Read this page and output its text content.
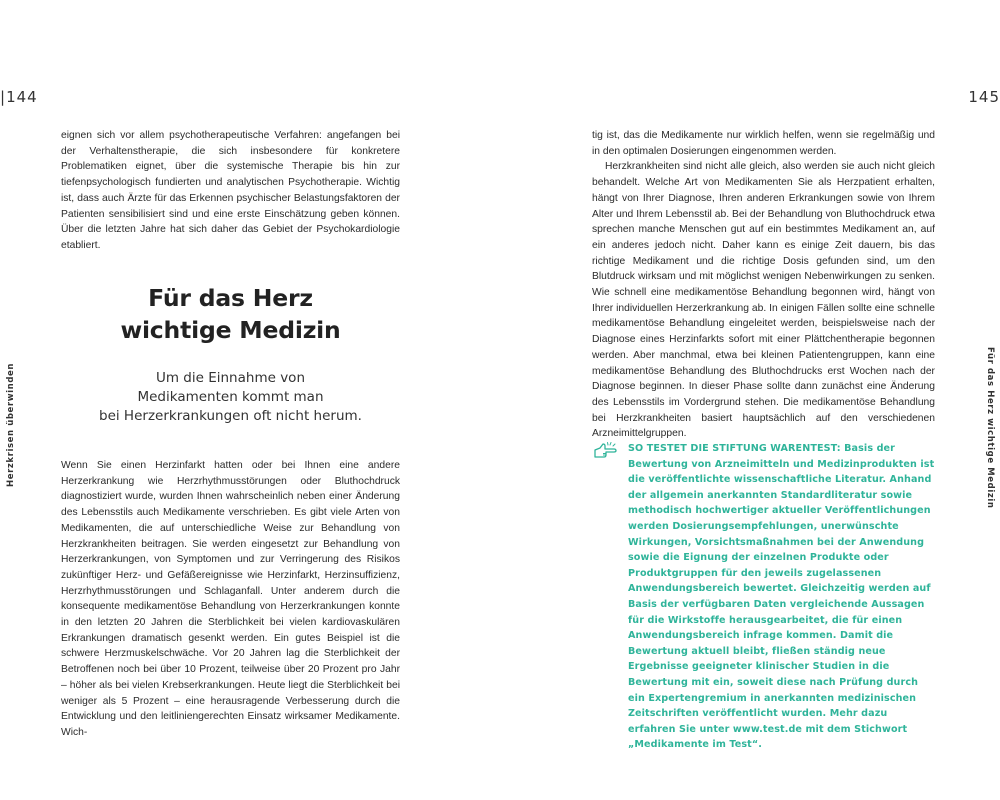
|144	145
Herzkrisen überwinden	Für das Herz wichtige Medizin

eignen sich vor allem psychotherapeutische Verfahren: angefangen bei der Verhaltenstherapie, die sich insbesondere für konkretere Problematiken eignet, über die systemische Therapie bis hin zur tiefenpsychologisch fundierten und analytischen Psychotherapie. Wichtig ist, dass auch Ärzte für das Erkennen psychischer Belastungsfaktoren der Patienten sensibilisiert sind und eine erste Einschätzung geben können. Über die letzten Jahre hat sich daher das Gebiet der Psychokardiologie etabliert.

Für das Herz
wichtige Medizin
Um die Einnahme von
Medikamenten kommt man
bei Herzerkrankungen oft nicht herum.

Wenn Sie einen Herzinfarkt hatten oder bei Ihnen eine andere Herzerkrankung wie Herzrhythmusstörungen oder Bluthochdruck diagnostiziert wurde, wurden Ihnen wahrscheinlich neben einer Änderung des Lebensstils auch Medikamente verschrieben. Es gibt viele Arten von Medikamenten, die auf unterschiedliche Weise zur Behandlung von Herzkrankheiten beitragen. Sie werden eingesetzt zur Behandlung von Herzerkrankungen, von Symptomen und zur Verringerung des Risikos zukünftiger Herz- und Gefäßereignisse wie Herzinfarkt, Herzinsuffizienz, Herzrhythmusstörungen und Schlaganfall. Unter anderem durch die konsequente medikamentöse Behandlung von Herzerkrankungen konnte in den letzten 20 Jahren die Sterblichkeit bei vielen kardiovaskulären Erkrankungen dramatisch gesenkt werden. Ein gutes Beispiel ist die schwere Herzmuskelschwäche. Vor 20 Jahren lag die Sterblichkeit der Betroffenen noch bei über 10 Prozent, teilweise über 20 Prozent pro Jahr – höher als bei vielen Krebserkrankungen. Heute liegt die Sterblichkeit bei weniger als 5 Prozent – eine herausragende Verbesserung durch die Entwicklung und den leitliniengerechten Einsatz wirksamer Medikamente. Wich-

tig ist, das die Medikamente nur wirklich helfen, wenn sie regelmäßig und in den optimalen Dosierungen eingenommen werden.

Herzkrankheiten sind nicht alle gleich, also werden sie auch nicht gleich behandelt. Welche Art von Medikamenten Sie als Herzpatient erhalten, hängt von Ihrer Diagnose, Ihren anderen Erkrankungen sowie von Ihrem Alter und Ihrem Lebensstil ab. Bei der Behandlung von Bluthochdruck etwa sprechen manche Menschen gut auf ein bestimmtes Medikament an, auf ein anderes jedoch nicht. Daher kann es einige Zeit dauern, bis das richtige Medikament und die richtige Dosis gefunden sind, um den Blutdruck wirksam und mit möglichst wenigen Nebenwirkungen zu senken. Wie schnell eine medikamentöse Behandlung begonnen wird, hängt von Ihrer individuellen Herzerkrankung ab. In einigen Fällen sollte eine schnelle medikamentöse Behandlung eingeleitet werden, beispielsweise nach der Diagnose eines Herzinfarkts sofort mit einer Plättchentherapie begonnen werden. Aber manchmal, etwa bei kleinen Patientengruppen, kann eine medikamentöse Behandlung des Bluthochdrucks erst Wochen nach der Diagnose beginnen. In dieser Phase sollte dann zunächst eine Änderung des Lebensstils im Vordergrund stehen. Die medikamentöse Behandlung bei Herzkrankheiten basiert hauptsächlich auf den verschiedenen Arzneimittelgruppen.

SO TESTET DIE STIFTUNG WARENTEST: Basis der Bewertung von Arzneimitteln und Medizinprodukten ist die veröffentlichte wissenschaftliche Literatur. Anhand der allgemein anerkannten Standardliteratur sowie methodisch hochwertiger aktueller Veröffentlichungen werden Dosierungsempfehlungen, unerwünschte Wirkungen, Vorsichtsmaßnahmen bei der Anwendung sowie die Eignung der einzelnen Produkte oder Produktgruppen für den jeweils zugelassenen Anwendungsbereich bewertet. Gleichzeitig werden auf Basis der verfügbaren Daten vergleichende Aussagen für die Wirkstoffe herausgearbeitet, die für einen Anwendungsbereich infrage kommen. Damit die Bewertung aktuell bleibt, fließen ständig neue Ergebnisse geeigneter klinischer Studien in die Bewertung mit ein, soweit diese nach Prüfung durch ein Expertengremium in anerkannten medizinischen Zeitschriften veröffentlicht wurden. Mehr dazu erfahren Sie unter www.test.de mit dem Stichwort „Medikamente im Test“.
